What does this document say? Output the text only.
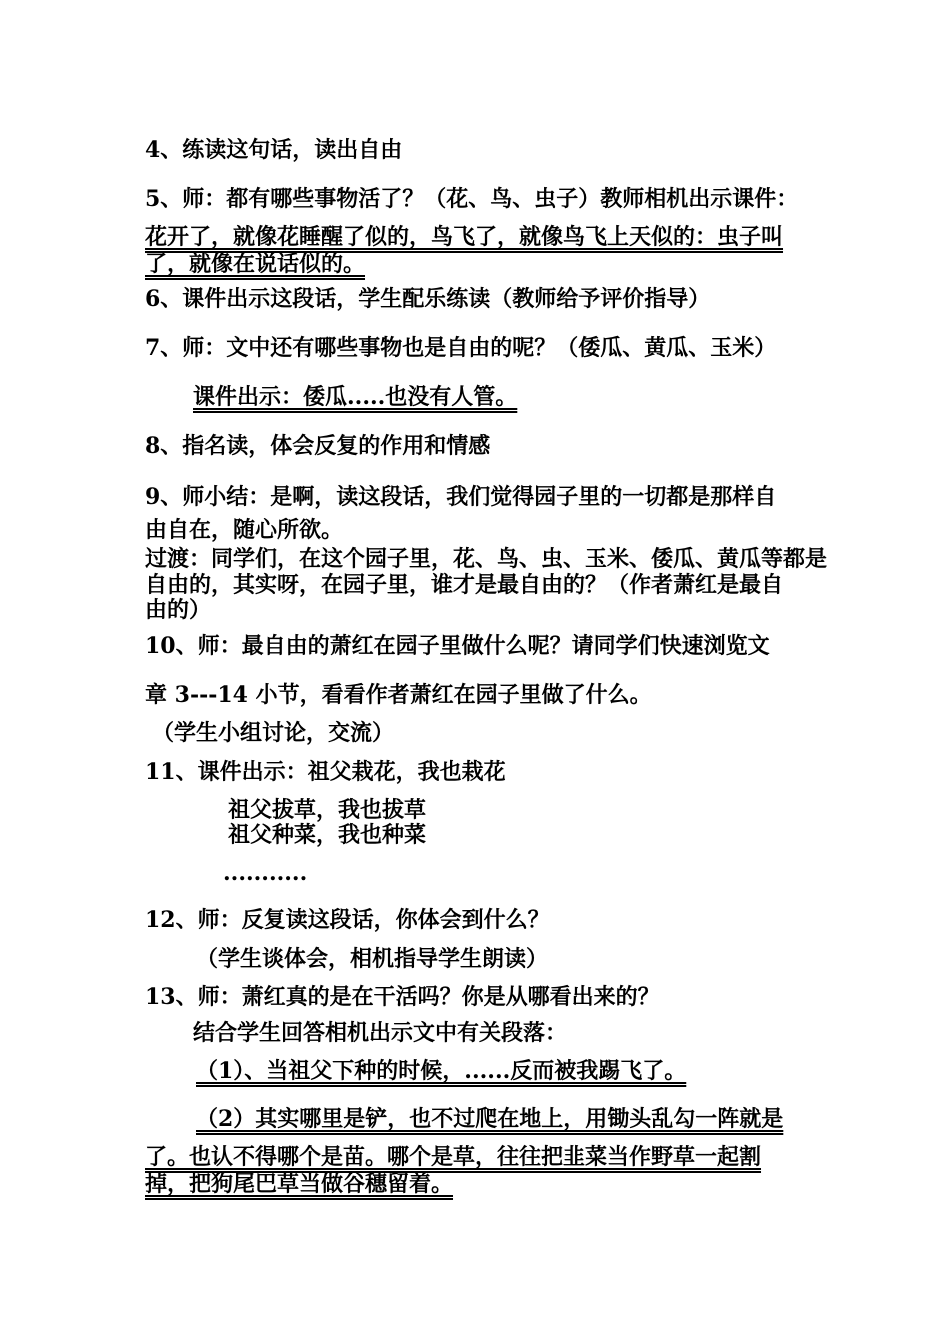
4、练读这句话，读出自由
5、师：都有哪些事物活了？（花、鸟、虫子）教师相机出示课件：
花开了，就像花睡醒了似的，鸟飞了，就像鸟飞上天似的：虫子叫
了，就像在说话似的。
6、课件出示这段话，学生配乐练读（教师给予评价指导）
7、师：文中还有哪些事物也是自由的呢？（倭瓜、黄瓜、玉米）
课件出示：倭瓜.....也没有人管。
8、指名读，体会反复的作用和情感
9、师小结：是啊，读这段话，我们觉得园子里的一切都是那样自
由自在，随心所欲。
过渡：同学们，在这个园子里，花、鸟、虫、玉米、倭瓜、黄瓜等都是
自由的，其实呀，在园子里，谁才是最自由的？（作者萧红是最自
由的）
10、师：最自由的萧红在园子里做什么呢？请同学们快速浏览文
章 3---14 小节，看看作者萧红在园子里做了什么。
（学生小组讨论，交流）
11、课件出示：祖父栽花，我也栽花
祖父拔草，我也拔草
祖父种菜，我也种菜
...........
12、师：反复读这段话，你体会到什么？
（学生谈体会，相机指导学生朗读）
13、师：萧红真的是在干活吗？你是从哪看出来的？
结合学生回答相机出示文中有关段落：
（1）、当祖父下种的时候，......反而被我踢飞了。
（2）其实哪里是铲，也不过爬在地上，用锄头乱勾一阵就是
了。也认不得哪个是苗。哪个是草，往往把韭菜当作野草一起割
掉，把狗尾巴草当做谷穗留着。
